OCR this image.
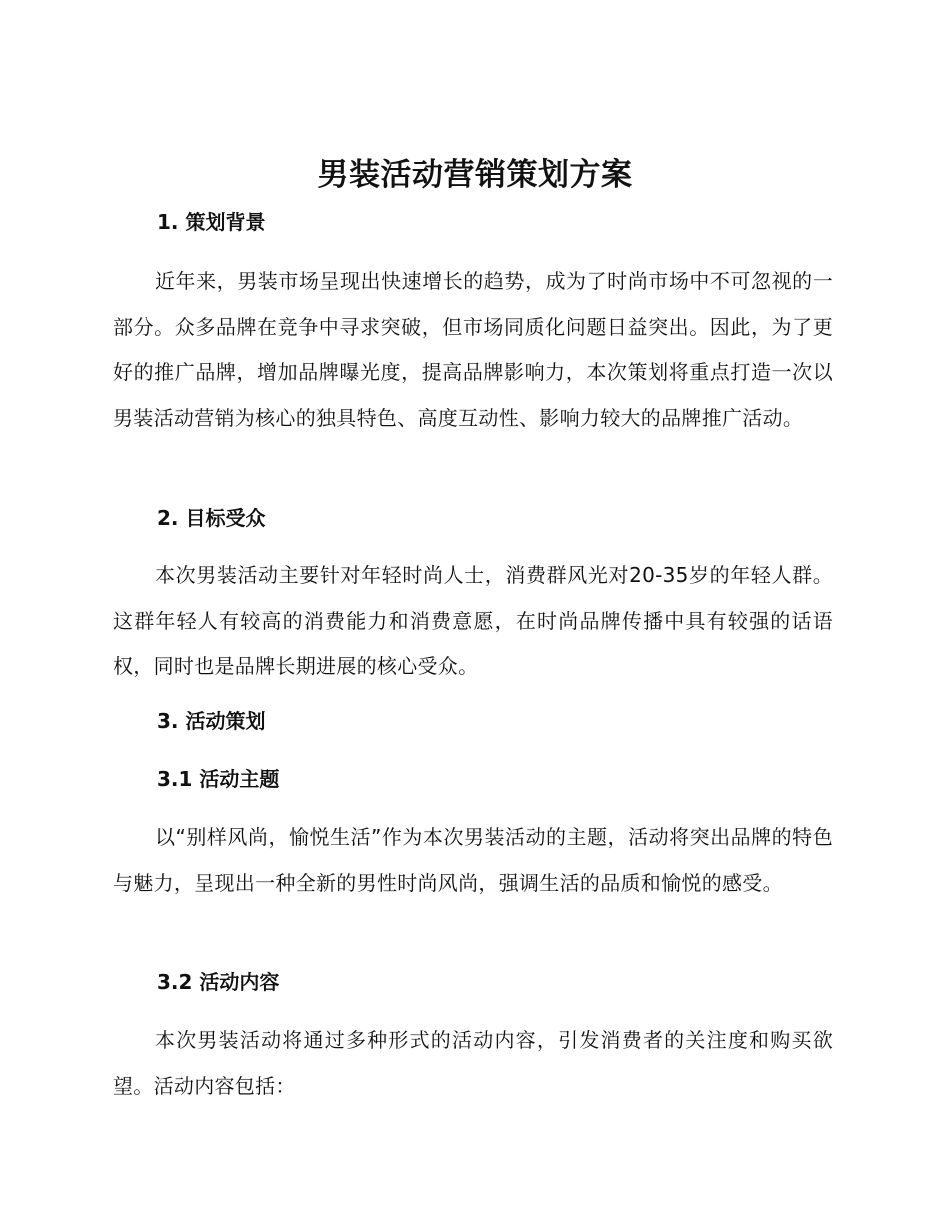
男装活动营销策划方案
1. 策划背景

近年来，男装市场呈现出快速增长的趋势，成为了时尚市场中不可忽视的一部分。众多品牌在竞争中寻求突破，但市场同质化问题日益突出。因此，为了更好的推广品牌，增加品牌曝光度，提高品牌影响力，本次策划将重点打造一次以男装活动营销为核心的独具特色、高度互动性、影响力较大的品牌推广活动。

2. 目标受众

本次男装活动主要针对年轻时尚人士，消费群风光对20-35岁的年轻人群。这群年轻人有较高的消费能力和消费意愿，在时尚品牌传播中具有较强的话语权，同时也是品牌长期进展的核心受众。

3. 活动策划
3.1 活动主题

以“别样风尚，愉悦生活”作为本次男装活动的主题，活动将突出品牌的特色与魅力，呈现出一种全新的男性时尚风尚，强调生活的品质和愉悦的感受。

3.2 活动内容

本次男装活动将通过多种形式的活动内容，引发消费者的关注度和购买欲望。活动内容包括：
